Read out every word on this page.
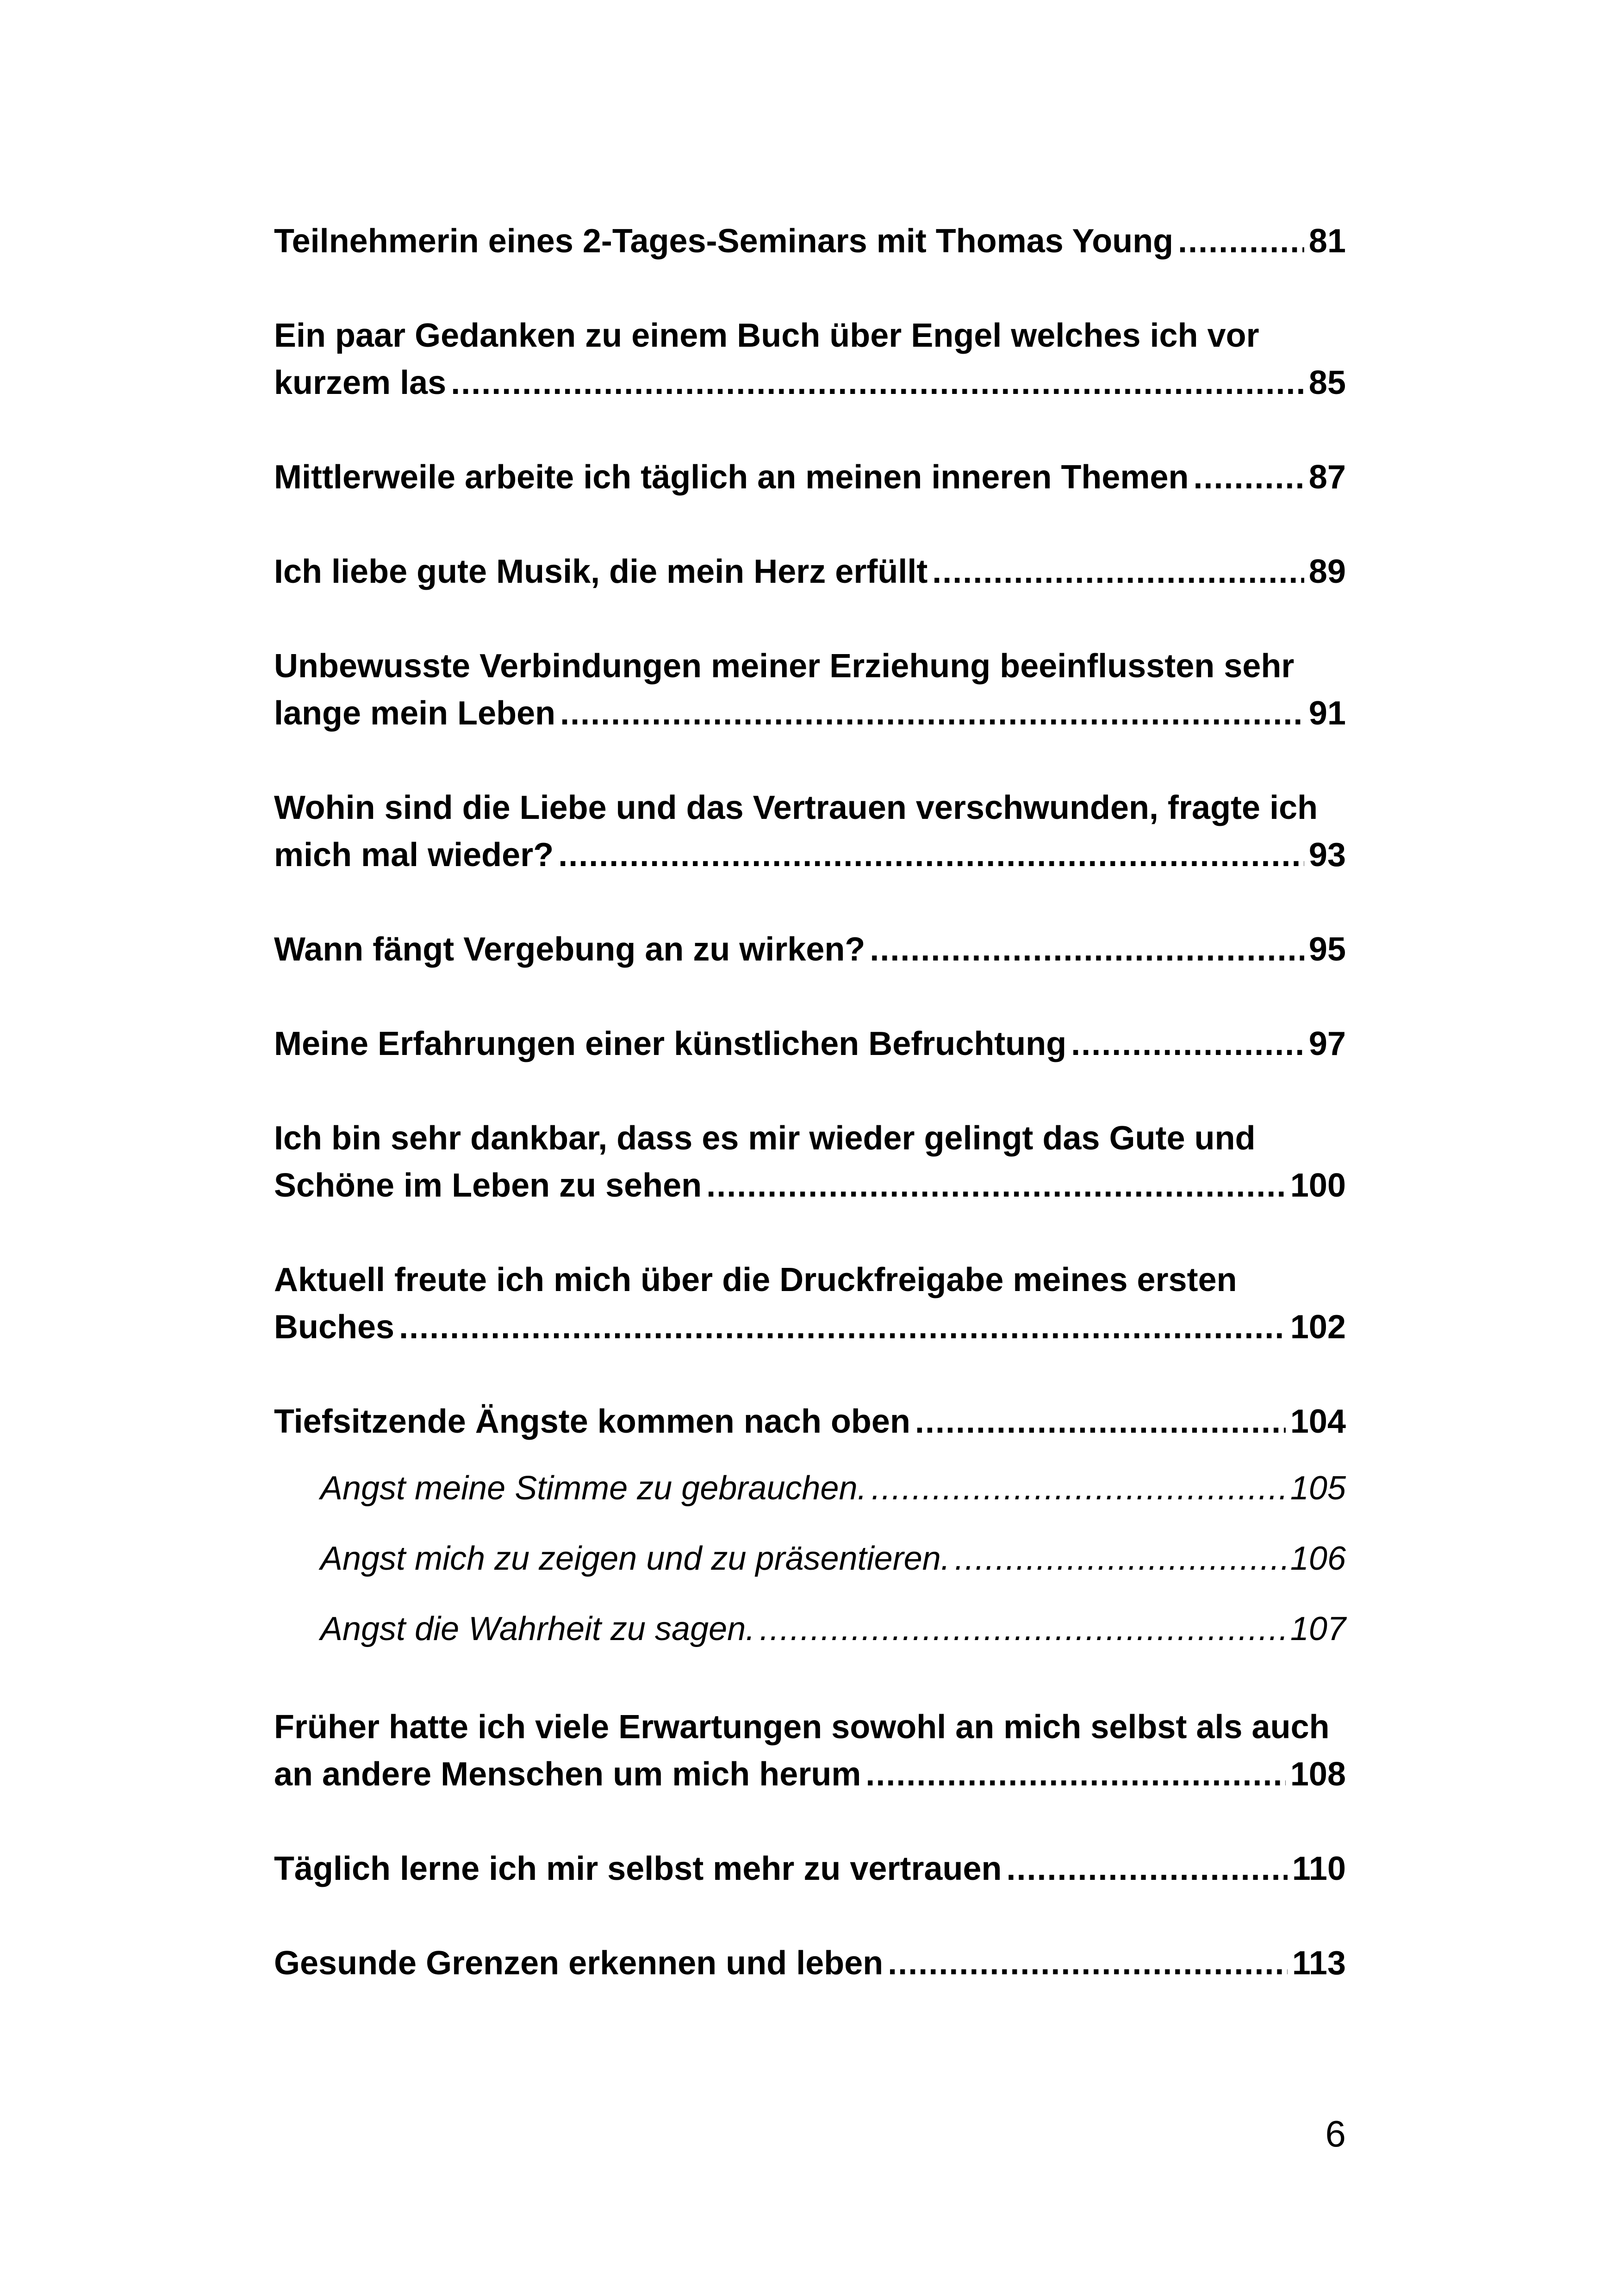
Teilnehmerin eines 2-Tages-Seminars mit Thomas Young .....	81
Ein paar Gedanken zu einem Buch über Engel welches ich vor
kurzem las .....	85
Mittlerweile arbeite ich täglich an meinen inneren Themen .....	87
Ich liebe gute Musik, die mein Herz erfüllt .....	89
Unbewusste Verbindungen meiner Erziehung beeinflussten sehr
lange mein Leben .....	91
Wohin sind die Liebe und das Vertrauen verschwunden, fragte ich
mich mal wieder? .....	93
Wann fängt Vergebung an zu wirken? .....	95
Meine Erfahrungen einer künstlichen Befruchtung .....	97
Ich bin sehr dankbar, dass es mir wieder gelingt das Gute und
Schöne im Leben zu sehen .....	100
Aktuell freute ich mich über die Druckfreigabe meines ersten
Buches .....	102
Tiefsitzende Ängste kommen nach oben .....	104
Angst meine Stimme zu gebrauchen. .....	105
Angst mich zu zeigen und zu präsentieren. .....	106
Angst die Wahrheit zu sagen. .....	107
Früher hatte ich viele Erwartungen sowohl an mich selbst als auch
an andere Menschen um mich herum .....	108
Täglich lerne ich mir selbst mehr zu vertrauen .....	110
Gesunde Grenzen erkennen und leben .....	113
6
